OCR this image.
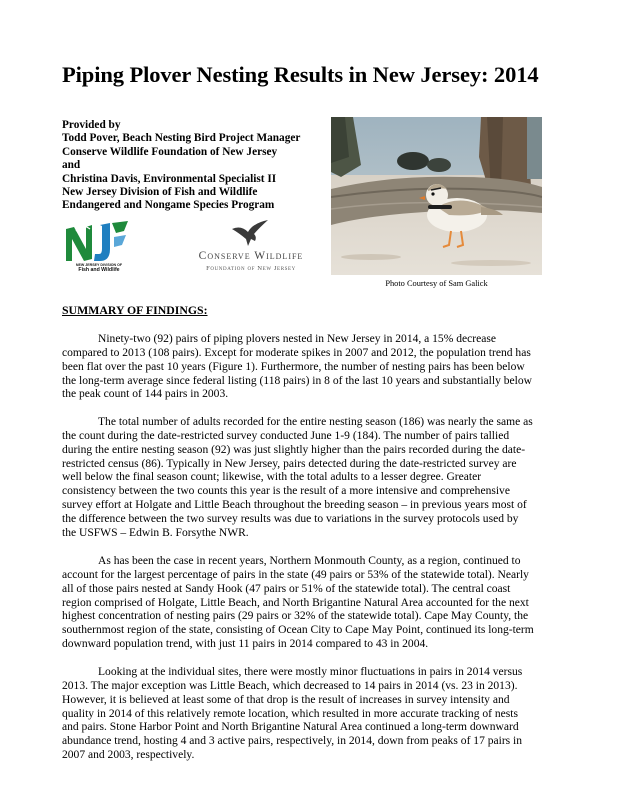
Piping Plover Nesting Results in New Jersey: 2014
Provided by
Todd Pover, Beach Nesting Bird Project Manager
Conserve Wildlife Foundation of New Jersey
and
Christina Davis, Environmental Specialist II
New Jersey Division of Fish and Wildlife
Endangered and Nongame Species Program
NEW JERSEY DIVISION OF
Fish and Wildlife
Conserve Wildlife
Foundation of New Jersey
Photo Courtesy of Sam Galick
SUMMARY OF FINDINGS:
Ninety-two (92) pairs of piping plovers nested in New Jersey in 2014, a 15% decrease
compared to 2013 (108 pairs). Except for moderate spikes in 2007 and 2012, the population trend has
been flat over the past 10 years (Figure 1). Furthermore, the number of nesting pairs has been below
the long-term average since federal listing (118 pairs) in 8 of the last 10 years and substantially below
the peak count of 144 pairs in 2003.
The total number of adults recorded for the entire nesting season (186) was nearly the same as
the count during the date-restricted survey conducted June 1-9 (184). The number of pairs tallied
during the entire nesting season (92) was just slightly higher than the pairs recorded during the date-
restricted census (86). Typically in New Jersey, pairs detected during the date-restricted survey are
well below the final season count; likewise, with the total adults to a lesser degree. Greater
consistency between the two counts this year is the result of a more intensive and comprehensive
survey effort at Holgate and Little Beach throughout the breeding season – in previous years most of
the difference between the two survey results was due to variations in the survey protocols used by
the USFWS – Edwin B. Forsythe NWR.
As has been the case in recent years, Northern Monmouth County, as a region, continued to
account for the largest percentage of pairs in the state (49 pairs or 53% of the statewide total). Nearly
all of those pairs nested at Sandy Hook (47 pairs or 51% of the statewide total). The central coast
region comprised of Holgate, Little Beach, and North Brigantine Natural Area accounted for the next
highest concentration of nesting pairs (29 pairs or 32% of the statewide total). Cape May County, the
southernmost region of the state, consisting of Ocean City to Cape May Point, continued its long-term
downward population trend, with just 11 pairs in 2014 compared to 43 in 2004.
Looking at the individual sites, there were mostly minor fluctuations in pairs in 2014 versus
2013. The major exception was Little Beach, which decreased to 14 pairs in 2014 (vs. 23 in 2013).
However, it is believed at least some of that drop is the result of increases in survey intensity and
quality in 2014 of this relatively remote location, which resulted in more accurate tracking of nests
and pairs. Stone Harbor Point and North Brigantine Natural Area continued a long-term downward
abundance trend, hosting 4 and 3 active pairs, respectively, in 2014, down from peaks of 17 pairs in
2007 and 2003, respectively.
